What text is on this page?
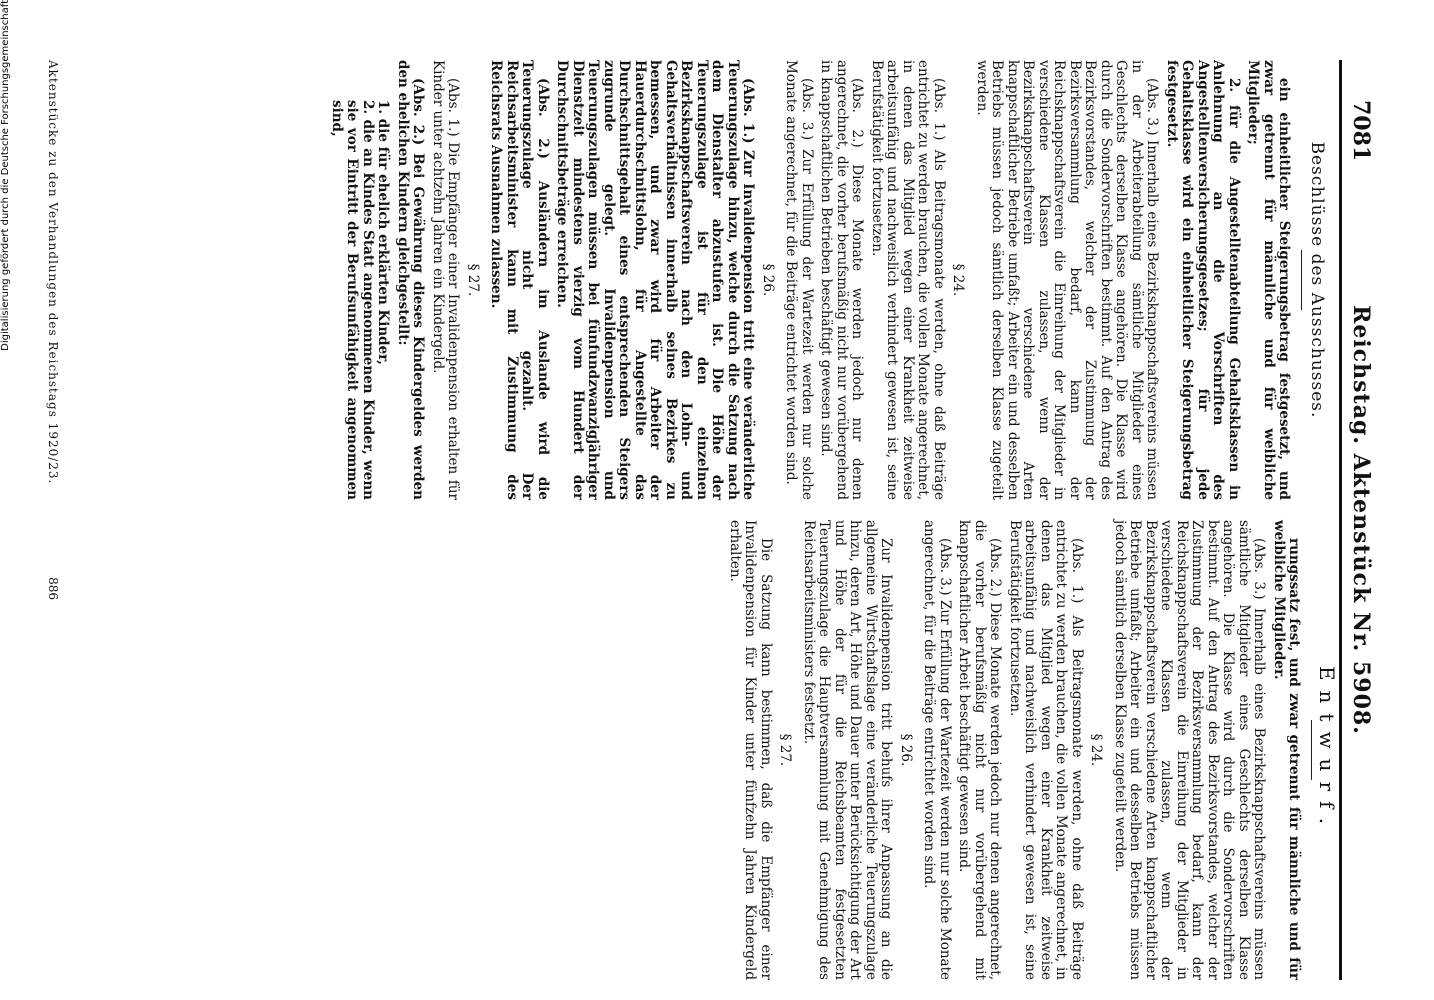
7081
Reichstag. Aktenstück Nr. 5908.
Beschlüsse des Ausschusses.

ein einheitlicher Steigerungsbetrag festgesetzt, und zwar getrennt für männliche und für weibliche Mitglieder;

2. für die Angestelltenabteilung Gehaltsklassen in Anlehnung an die Vorschriften des Angestelltenversicherungsgesetzes; für jede Gehaltsklasse wird ein einheitlicher Steigerungsbetrag festgesetzt.

(Abs. 3.) Innerhalb eines Bezirksknappschaftsvereins müssen in der Arbeiterabteilung sämtliche Mitglieder eines Geschlechts derselben Klasse angehören. Die Klasse wird durch die Sondervorschriften bestimmt. Auf den Antrag des Bezirksvorstandes, welcher der Zustimmung der Bezirksversammlung bedarf, kann der Reichsknappschaftsverein die Einreihung der Mitglieder in verschiedene Klassen zulassen, wenn der Bezirksknappschaftsverein verschiedene Arten knappschaftlicher Betriebe umfaßt; Arbeiter ein und desselben Betriebs müssen jedoch sämtlich derselben Klasse zugeteilt werden.

§ 24.

(Abs. 1.) Als Beitragsmonate werden, ohne daß Beiträge entrichtet zu werden brauchen, die vollen Monate angerechnet, in denen das Mitglied wegen einer Krankheit zeitweise arbeitsunfähig und nachweislich verhindert gewesen ist, seine Berufstätigkeit fortzusetzen.

(Abs. 2.) Diese Monate werden jedoch nur denen angerechnet, die vorher berufsmäßig nicht nur vorübergehend in knappschaftlichen Betrieben beschäftigt gewesen sind.

(Abs. 3.) Zur Erfüllung der Wartezeit werden nur solche Monate angerechnet, für die Beiträge entrichtet worden sind.

§ 26.

(Abs. 1.) Zur Invalidenpension tritt eine veränderliche Teuerungszulage hinzu, welche durch die Satzung nach dem Dienstalter abzustufen ist. Die Höhe der Teuerungszulage ist für den einzelnen Bezirksknappschaftsverein nach den Lohn- und Gehaltsverhältnissen innerhalb seines Bezirkes zu bemessen, und zwar wird für Arbeiter der Hauerdurchschnittslohn, für Angestellte das Durchschnittsgehalt eines entsprechenden Steigers zugrunde gelegt. Invalidenpension und Teuerungszulagen müssen bei fünfundzwanzigjähriger Dienstzeit mindestens vierzig vom Hundert der Durchschnittsbeträge erreichen.

(Abs. 2.) Ausländern im Auslande wird die Teuerungszulage nicht gezahlt. Der Reichsarbeitsminister kann mit Zustimmung des Reichsrats Ausnahmen zulassen.

§ 27.

(Abs. 1.) Die Empfänger einer Invalidenpension erhalten für Kinder unter achtzehn Jahren ein Kindergeld.

(Abs. 2.) Bei Gewährung dieses Kindergeldes werden den ehelichen Kindern gleichgestellt:

1. die für ehelich erklärten Kinder,
2. die an Kindes Statt angenommenen Kinder, wenn sie vor Eintritt der Berufsunfähigkeit angenommen sind,
Entwurf.

rungssatz fest, und zwar getrennt für männliche und für weibliche Mitglieder.

(Abs. 3.) Innerhalb eines Bezirksknappschaftsvereins müssen sämtliche Mitglieder eines Geschlechts derselben Klasse angehören. Die Klasse wird durch die Sondervorschriften bestimmt. Auf den Antrag des Bezirksvorstandes, welcher der Zustimmung der Bezirksversammlung bedarf, kann der Reichsknappschaftsverein die Einreihung der Mitglieder in verschiedene Klassen zulassen, wenn der Bezirksknappschaftsverein verschiedene Arten knappschaftlicher Betriebe umfaßt; Arbeiter ein und desselben Betriebs müssen jedoch sämtlich derselben Klasse zugeteilt werden.

§ 24.

(Abs. 1.) Als Beitragsmonate werden, ohne daß Beiträge entrichtet zu werden brauchen, die vollen Monate angerechnet, in denen das Mitglied wegen einer Krankheit zeitweise arbeitsunfähig und nachweislich verhindert gewesen ist, seine Berufstätigkeit fortzusetzen.

(Abs. 2.) Diese Monate werden jedoch nur denen angerechnet, die vorher berufsmäßig nicht nur vorübergehend mit knappschaftlicher Arbeit beschäftigt gewesen sind.

(Abs. 3.) Zur Erfüllung der Wartezeit werden nur solche Monate angerechnet, für die Beiträge entrichtet worden sind.

§ 26.

Zur Invalidenpension tritt behufs ihrer Anpassung an die allgemeine Wirtschaftslage eine veränderliche Teuerungszulage hinzu, deren Art, Höhe und Dauer unter Berücksichtigung der Art und Höhe der für die Reichsbeamten festgesetzten Teuerungszulage die Hauptversammlung mit Genehmigung des Reichsarbeitsministers festsetzt.

§ 27.

Die Satzung kann bestimmen, daß die Empfänger einer Invalidenpension für Kinder unter fünfzehn Jahren Kindergeld erhalten.

Aktenstücke zu den Verhandlungen des Reichstags 1920/23.
886
Digitalisierung gefördert durch die Deutsche Forschungsgemeinschaft
